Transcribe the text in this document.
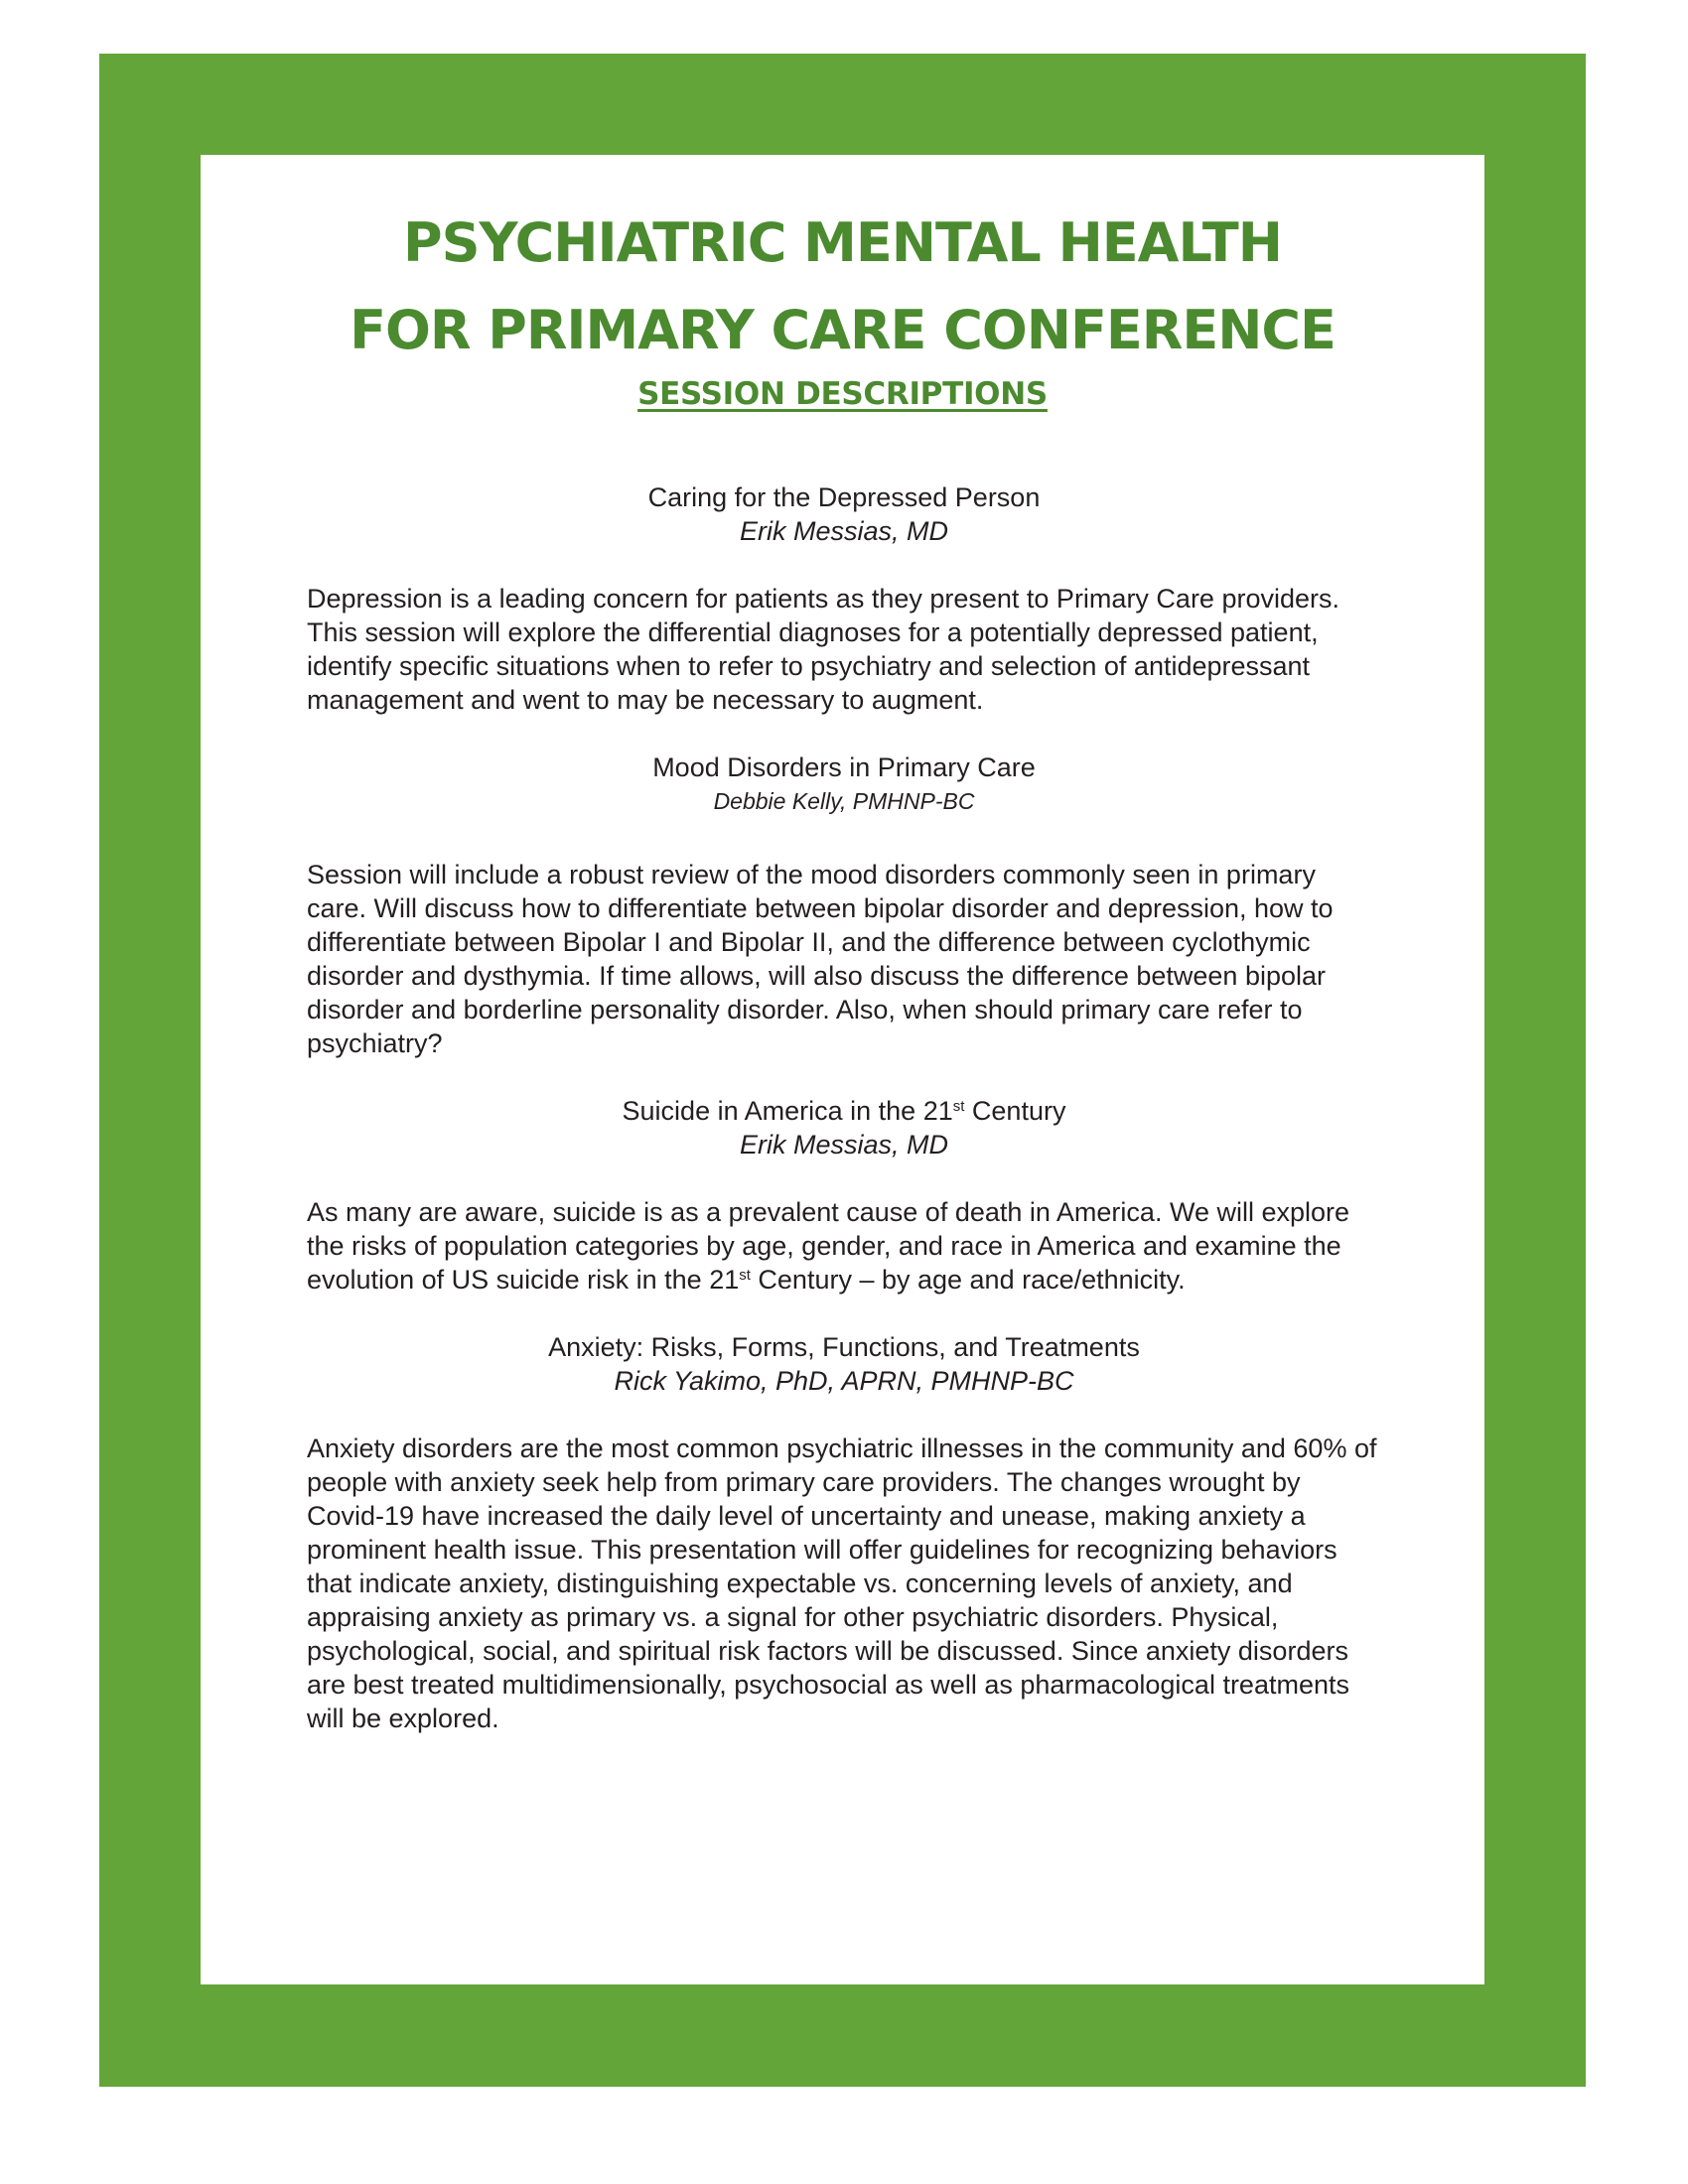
PSYCHIATRIC MENTAL HEALTH
FOR PRIMARY CARE CONFERENCE
SESSION DESCRIPTIONS

Caring for the Depressed Person

Erik Messias, MD

Depression is a leading concern for patients as they present to Primary Care providers. This session will explore the differential diagnoses for a potentially depressed patient, identify specific situations when to refer to psychiatry and selection of antidepressant management and went to may be necessary to augment.

Mood Disorders in Primary Care

Debbie Kelly, PMHNP-BC

Session will include a robust review of the mood disorders commonly seen in primary care. Will discuss how to differentiate between bipolar disorder and depression, how to differentiate between Bipolar I and Bipolar II, and the difference between cyclothymic disorder and dysthymia. If time allows, will also discuss the difference between bipolar disorder and borderline personality disorder. Also, when should primary care refer to psychiatry?

Suicide in America in the 21st Century

Erik Messias, MD

As many are aware, suicide is as a prevalent cause of death in America. We will explore the risks of population categories by age, gender, and race in America and examine the evolution of US suicide risk in the 21st Century – by age and race/ethnicity.

Anxiety: Risks, Forms, Functions, and Treatments

Rick Yakimo, PhD, APRN, PMHNP-BC

Anxiety disorders are the most common psychiatric illnesses in the community and 60% of people with anxiety seek help from primary care providers. The changes wrought by Covid-19 have increased the daily level of uncertainty and unease, making anxiety a prominent health issue. This presentation will offer guidelines for recognizing behaviors that indicate anxiety, distinguishing expectable vs. concerning levels of anxiety, and appraising anxiety as primary vs. a signal for other psychiatric disorders. Physical, psychological, social, and spiritual risk factors will be discussed. Since anxiety disorders are best treated multidimensionally, psychosocial as well as pharmacological treatments will be explored.
